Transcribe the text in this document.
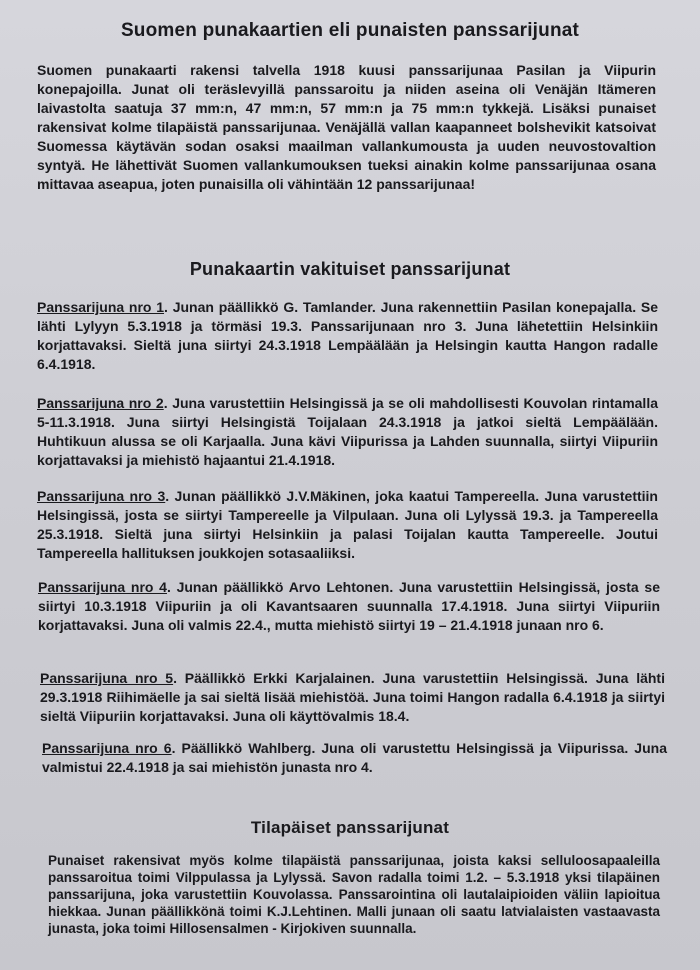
Suomen punakaartien eli punaisten panssarijunat

Suomen punakaarti rakensi talvella 1918 kuusi panssarijunaa Pasilan ja Viipurin konepajoilla. Junat oli teräslevyillä panssaroitu ja niiden aseina oli Venäjän Itämeren laivastolta saatuja 37 mm:n, 47 mm:n, 57 mm:n ja 75 mm:n tykkejä. Lisäksi punaiset rakensivat kolme tilapäistä panssarijunaa. Venäjällä vallan kaapanneet bolshevikit katsoivat Suomessa käytävän sodan osaksi maailman vallankumousta ja uuden neuvostovaltion syntyä. He lähettivät Suomen vallankumouksen tueksi ainakin kolme panssarijunaa osana mittavaa aseapua, joten punaisilla oli vähintään 12 panssarijunaa!

Punakaartin vakituiset panssarijunat

Panssarijuna nro 1. Junan päällikkö G. Tamlander. Juna rakennettiin Pasilan konepajalla. Se lähti Lylyyn 5.3.1918 ja törmäsi 19.3. Panssarijunaan nro 3. Juna lähetettiin Helsinkiin korjattavaksi. Sieltä juna siirtyi 24.3.1918 Lempäälään ja Helsingin kautta Hangon radalle 6.4.1918.

Panssarijuna nro 2. Juna varustettiin Helsingissä ja se oli mahdollisesti Kouvolan rintamalla 5-11.3.1918. Juna siirtyi Helsingistä Toijalaan 24.3.1918 ja jatkoi sieltä Lempäälään. Huhtikuun alussa se oli Karjaalla. Juna kävi Viipurissa ja Lahden suunnalla, siirtyi Viipuriin korjattavaksi ja miehistö hajaantui 21.4.1918.

Panssarijuna nro 3. Junan päällikkö J.V.Mäkinen, joka kaatui Tampereella. Juna varustettiin Helsingissä, josta se siirtyi Tampereelle ja Vilpulaan. Juna oli Lylyssä 19.3. ja Tampereella 25.3.1918. Sieltä juna siirtyi Helsinkiin ja palasi Toijalan kautta Tampereelle. Joutui Tampereella hallituksen joukkojen sotasaaliiksi.

Panssarijuna nro 4. Junan päällikkö Arvo Lehtonen. Juna varustettiin Helsingissä, josta se siirtyi 10.3.1918 Viipuriin ja oli Kavantsaaren suunnalla 17.4.1918. Juna siirtyi Viipuriin korjattavaksi. Juna oli valmis 22.4., mutta miehistö siirtyi 19 – 21.4.1918 junaan nro 6.

Panssarijuna nro 5. Päällikkö Erkki Karjalainen. Juna varustettiin Helsingissä. Juna lähti 29.3.1918 Riihimäelle ja sai sieltä lisää miehistöä. Juna toimi Hangon radalla 6.4.1918 ja siirtyi sieltä Viipuriin korjattavaksi. Juna oli käyttövalmis 18.4.

Panssarijuna nro 6. Päällikkö Wahlberg. Juna oli varustettu Helsingissä ja Viipurissa. Juna valmistui 22.4.1918 ja sai miehistön junasta nro 4.

Tilapäiset panssarijunat

Punaiset rakensivat myös kolme tilapäistä panssarijunaa, joista kaksi selluloosapaaleilla panssaroitua toimi Vilppulassa ja Lylyssä. Savon radalla toimi 1.2. – 5.3.1918 yksi tilapäinen panssarijuna, joka varustettiin Kouvolassa. Panssarointina oli lautalaipioiden väliin lapioitua hiekkaa. Junan päällikkönä toimi K.J.Lehtinen. Malli junaan oli saatu latvialaisten vastaavasta junasta, joka toimi Hillosensalmen - Kirjokiven suunnalla.
